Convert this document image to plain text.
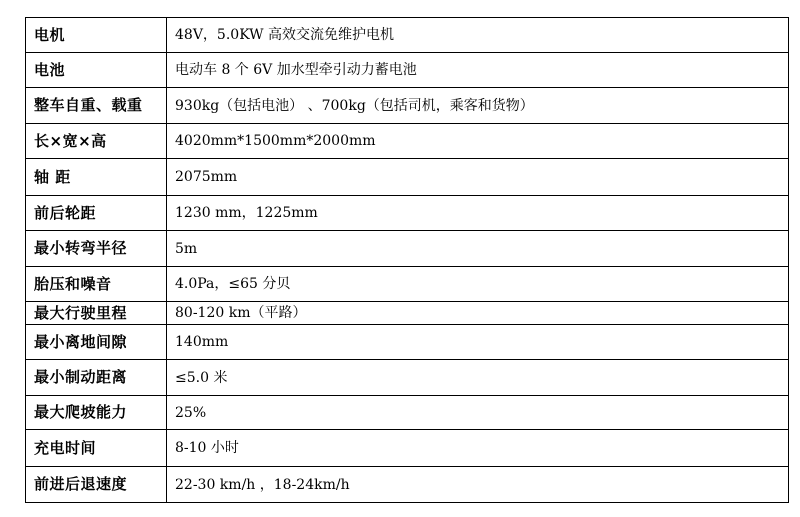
电机	48V，5.0KW 高效交流免维护电机
电池	电动车 8 个 6V 加水型牵引动力蓄电池
整车自重、载重	930kg（包括电池） 、700kg（包括司机，乘客和货物）
长×宽×高	4020mm*1500mm*2000mm
轴 距	2075mm
前后轮距	1230 mm，1225mm
最小转弯半径	5m
胎压和噪音	4.0Pa，≤65 分贝
最大行驶里程	80-120 km（平路）
最小离地间隙	140mm
最小制动距离	≤5.0 米
最大爬坡能力	25%
充电时间	8-10 小时
前进后退速度	22-30 km/h ，18-24km/h
